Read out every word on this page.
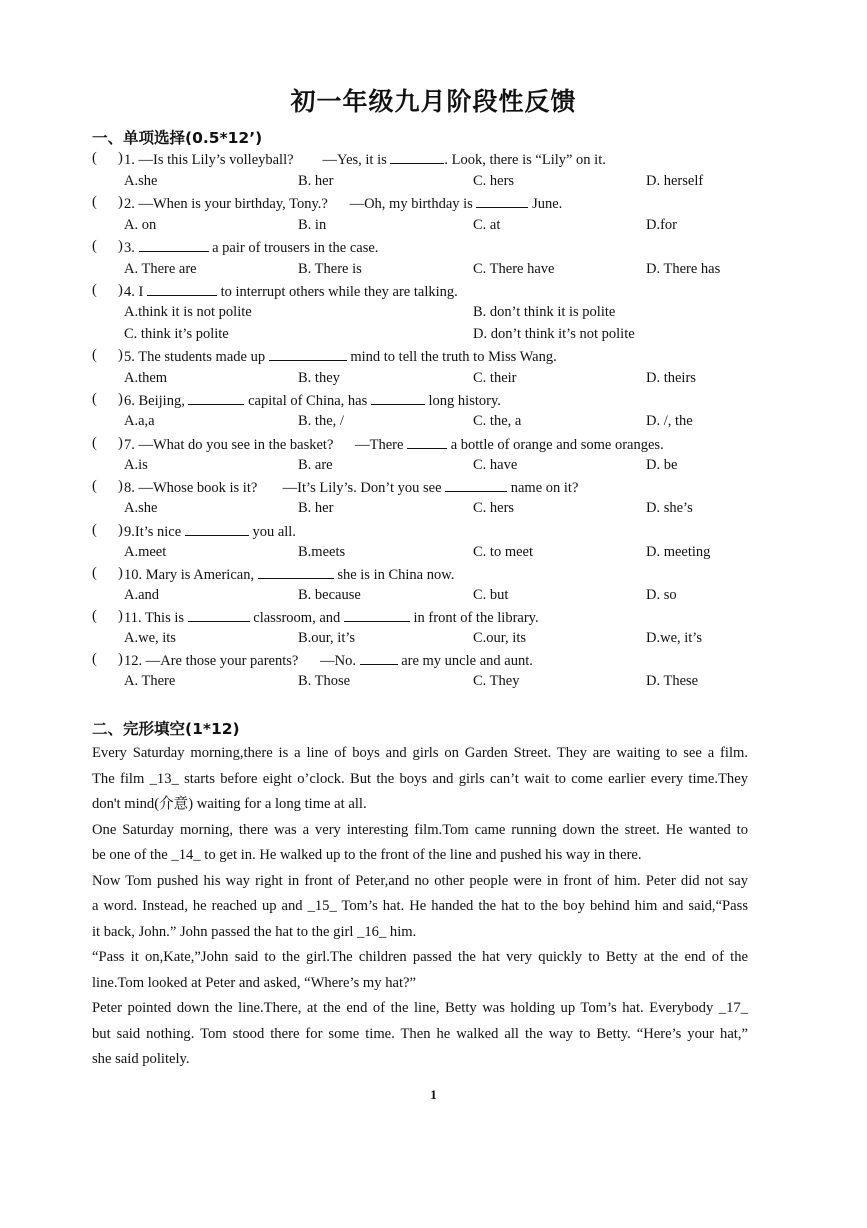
初一年级九月阶段性反馈
一、单项选择(0.5*12’)
( ) 1. —Is this Lily’s volleyball?        —Yes, it is	. Look, there is “Lily” on it.
A.she	B. her	C. hers	D. herself
( ) 2. —When is your birthday, Tony.?      —Oh, my birthday is	June.
A. on	B. in	C. at	D.for
( ) 3.	a pair of trousers in the case.
A. There are	B. There is	C. There have	D. There has
( ) 4. I	to interrupt others while they are talking.
A.think it is not polite	B. don’t think it is polite
C. think it’s polite	D. don’t think it’s not polite
( ) 5. The students made up	mind to tell the truth to Miss Wang.
A.them	B. they	C. their	D. theirs
( ) 6. Beijing,	capital of China, has	long history.
A.a,a	B. the, /	C. the, a	D. /, the
( ) 7. —What do you see in the basket?      —There	a bottle of orange and some oranges.
A.is	B. are	C. have	D. be
( ) 8. —Whose book is it?       —It’s Lily’s. Don’t you see	name on it?
A.she	B. her	C. hers	D. she’s
( ) 9.It’s nice	you all.
A.meet	B.meets	C. to meet	D. meeting
( ) 10. Mary is American,	she is in China now.
A.and	B. because	C. but	D. so
( ) 11. This is	classroom, and	in front of the library.
A.we, its	B.our, it’s	C.our, its	D.we, it’s
( ) 12. —Are those your parents?      —No.	are my uncle and aunt.
A. There	B. Those	C. They	D. These
二、完形填空(1*12)
Every Saturday morning,there is a line of boys and girls on Garden Street. They are waiting to see a film.
The film _13_ starts before eight o’clock. But the boys and girls can’t wait to come earlier every time.They
don't mind(介意) waiting for a long time at all.
One Saturday morning, there was a very interesting film.Tom came running down the street. He wanted to
be one of the _14_ to get in. He walked up to the front of the line and pushed his way in there.
Now Tom pushed his way right in front of Peter,and no other people were in front of him. Peter did not say
a word. Instead, he reached up and _15_ Tom’s hat. He handed the hat to the boy behind him and said,“Pass
it back, John.” John passed the hat to the girl _16_ him.
“Pass it on,Kate,”John said to the girl.The children passed the hat very quickly to Betty at the end of the
line.Tom looked at Peter and asked, “Where’s my hat?”
Peter pointed down the line.There, at the end of the line, Betty was holding up Tom’s hat. Everybody _17_
but said nothing. Tom stood there for some time. Then he walked all the way to Betty. “Here’s your hat,”
she said politely.
1
